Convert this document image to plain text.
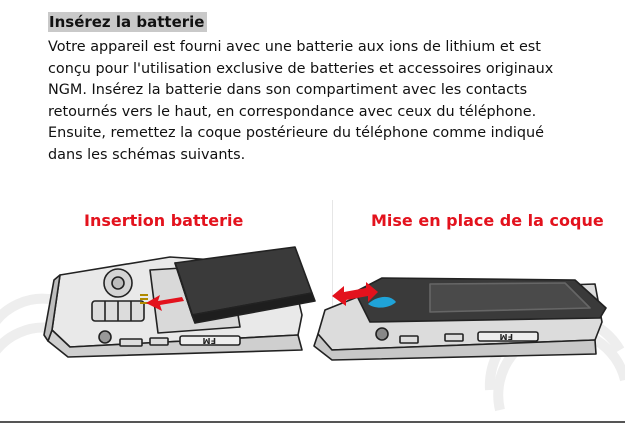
Insérez la batterie

Votre appareil est fourni avec une batterie aux ions de lithium et est
conçu pour l'utilisation exclusive de batteries et accessoires originaux
NGM. Insérez la batterie dans son compartiment avec les contacts
retournés vers le haut, en correspondance avec ceux du téléphone.
Ensuite, remettez la coque postérieure du téléphone comme indiqué
dans les schémas suivants.

Insertion batterie	Mise en place de la coque
FM	FM
